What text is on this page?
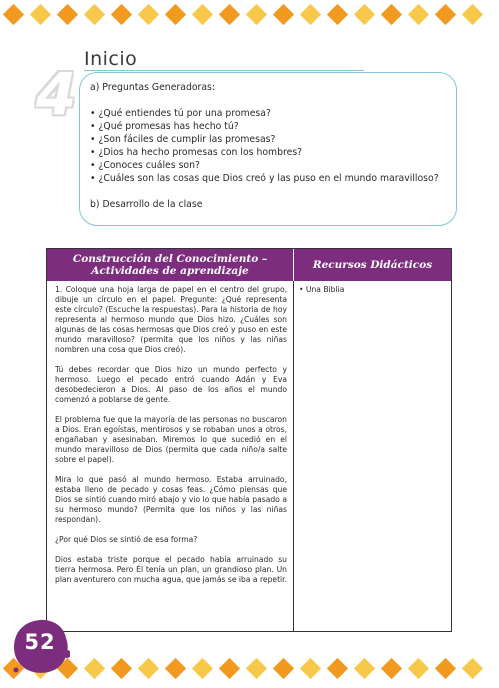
4
Inicio
a) Preguntas Generadoras:
• ¿Qué entiendes tú por una promesa?
• ¿Qué promesas has hecho tú?
• ¿Son fáciles de cumplir las promesas?
• ¿Dios ha hecho promesas con los hombres?
• ¿Conoces cuáles son?
• ¿Cuáles son las cosas que Dios creó y las puso en el mundo maravilloso?
b) Desarrollo de la clase
Construcción del Conocimiento –
Actividades de aprendizaje	Recursos Didácticos

1. Coloque una hoja larga de papel en el centro del grupo, dibuje un círculo en el papel. Pregunte: ¿Qué representa este círculo? (Escuche la respuestas). Para la historia de hoy representa al hermoso mundo que Dios hizo. ¿Cuáles son algunas de las cosas hermosas que Dios creó y puso en este mundo maravilloso? (permita que los niños y las niñas nombren una cosa que Dios creó).

Tú debes recordar que Dios hizo un mundo perfecto y hermoso. Luego el pecado entró cuando Adán y Eva desobedecieron a Dios. Al paso de los años el mundo comenzó a poblarse de gente.

El problema fue que la mayoría de las personas no buscaron a Dios. Eran egoístas, mentirosos y se robaban unos a otros, engañaban y asesinaban. Miremos lo que sucedió en el mundo maravilloso de Dios (permita que cada niño/a salte sobre el papel).

Mira lo que pasó al mundo hermoso. Estaba arruinado, estaba lleno de pecado y cosas feas. ¿Cómo piensas que Dios se sintió cuando miró abajo y vio lo que había pasado a su hermoso mundo? (Permita que los niños y las niñas respondan).

¿Por qué Dios se sintió de esa forma?

Dios estaba triste porque el pecado había arruinado su tierra hermosa. Pero Él tenía un plan, un grandioso plan. Un plan aventurero con mucha agua, que jamás se iba a repetir.

• Una Biblia
52
